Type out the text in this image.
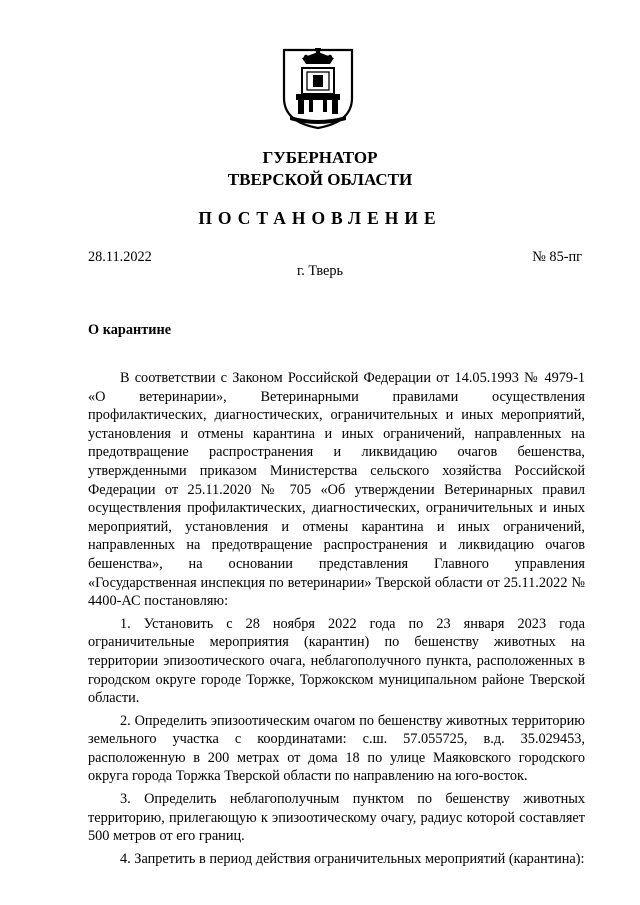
ГУБЕРНАТОР
ТВЕРСКОЙ ОБЛАСТИ
ПОСТАНОВЛЕНИЕ
28.11.2022	№ 85-пг
г. Тверь
О карантине

В соответствии с Законом Российской Федерации от 14.05.1993 № 4979-1 «О ветеринарии», Ветеринарными правилами осуществления профилактических, диагностических, ограничительных и иных мероприятий, установления и отмены карантина и иных ограничений, направленных на предотвращение распространения и ликвидацию очагов бешенства, утвержденными приказом Министерства сельского хозяйства Российской Федерации от 25.11.2020 № 705 «Об утверждении Ветеринарных правил осуществления профилактических, диагностических, ограничительных и иных мероприятий, установления и отмены карантина и иных ограничений, направленных на предотвращение распространения и ликвидацию очагов бешенства», на основании представления Главного управления «Государственная инспекция по ветеринарии» Тверской области от 25.11.2022 № 4400-АС постановляю:

1. Установить с 28 ноября 2022 года по 23 января 2023 года ограничительные мероприятия (карантин) по бешенству животных на территории эпизоотического очага, неблагополучного пункта, расположенных в городском округе городе Торжке, Торжокском муниципальном районе Тверской области.

2. Определить эпизоотическим очагом по бешенству животных территорию земельного участка с координатами: с.ш. 57.055725, в.д. 35.029453, расположенную в 200 метрах от дома 18 по улице Маяковского городского округа города Торжка Тверской области по направлению на юго-восток.

3. Определить неблагополучным пунктом по бешенству животных территорию, прилегающую к эпизоотическому очагу, радиус которой составляет 500 метров от его границ.

4. Запретить в период действия ограничительных мероприятий (карантина):
